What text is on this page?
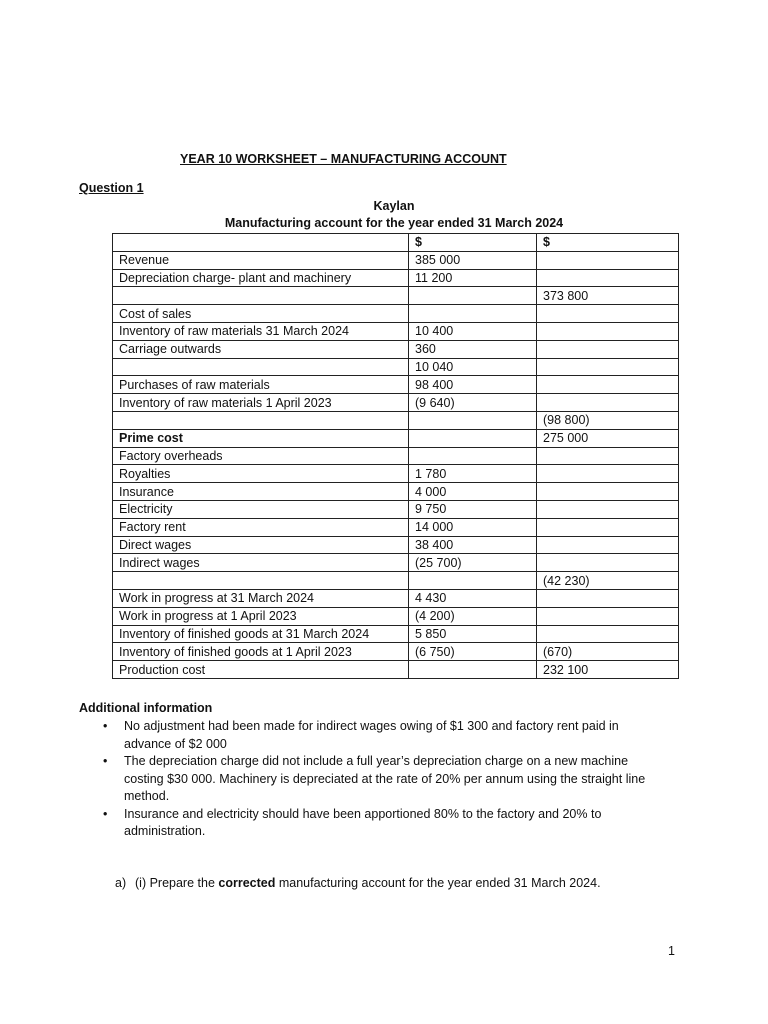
YEAR 10 WORKSHEET – MANUFACTURING ACCOUNT

Question 1

Kaylan

Manufacturing account for the year ended 31 March 2024

	$	$
Revenue	385 000	
Depreciation charge- plant and machinery	11 200	
		373 800
Cost of sales		
Inventory of raw materials 31 March 2024	10 400	
Carriage outwards	360	
	10 040	
Purchases of raw materials	98 400	
Inventory of raw materials 1 April 2023	(9 640)	
		(98 800)
Prime cost		275 000
Factory overheads		
Royalties	1 780	
Insurance	4 000	
Electricity	9 750	
Factory rent	14 000	
Direct wages	38 400	
Indirect wages	(25 700)	
		(42 230)
Work in progress at 31 March 2024	4 430	
Work in progress at 1 April 2023	(4 200)	
Inventory of finished goods at 31 March 2024	5 850	
Inventory of finished goods at 1 April 2023	(6 750)	(670)
Production cost		232 100

Additional information

• No adjustment had been made for indirect wages owing of $1 300 and factory rent paid in advance of $2 000
• The depreciation charge did not include a full year’s depreciation charge on a new machine costing $30 000. Machinery is depreciated at the rate of 20% per annum using the straight line method.
• Insurance and electricity should have been apportioned 80% to the factory and 20% to administration.

a) (i) Prepare the corrected manufacturing account for the year ended 31 March 2024.

1
